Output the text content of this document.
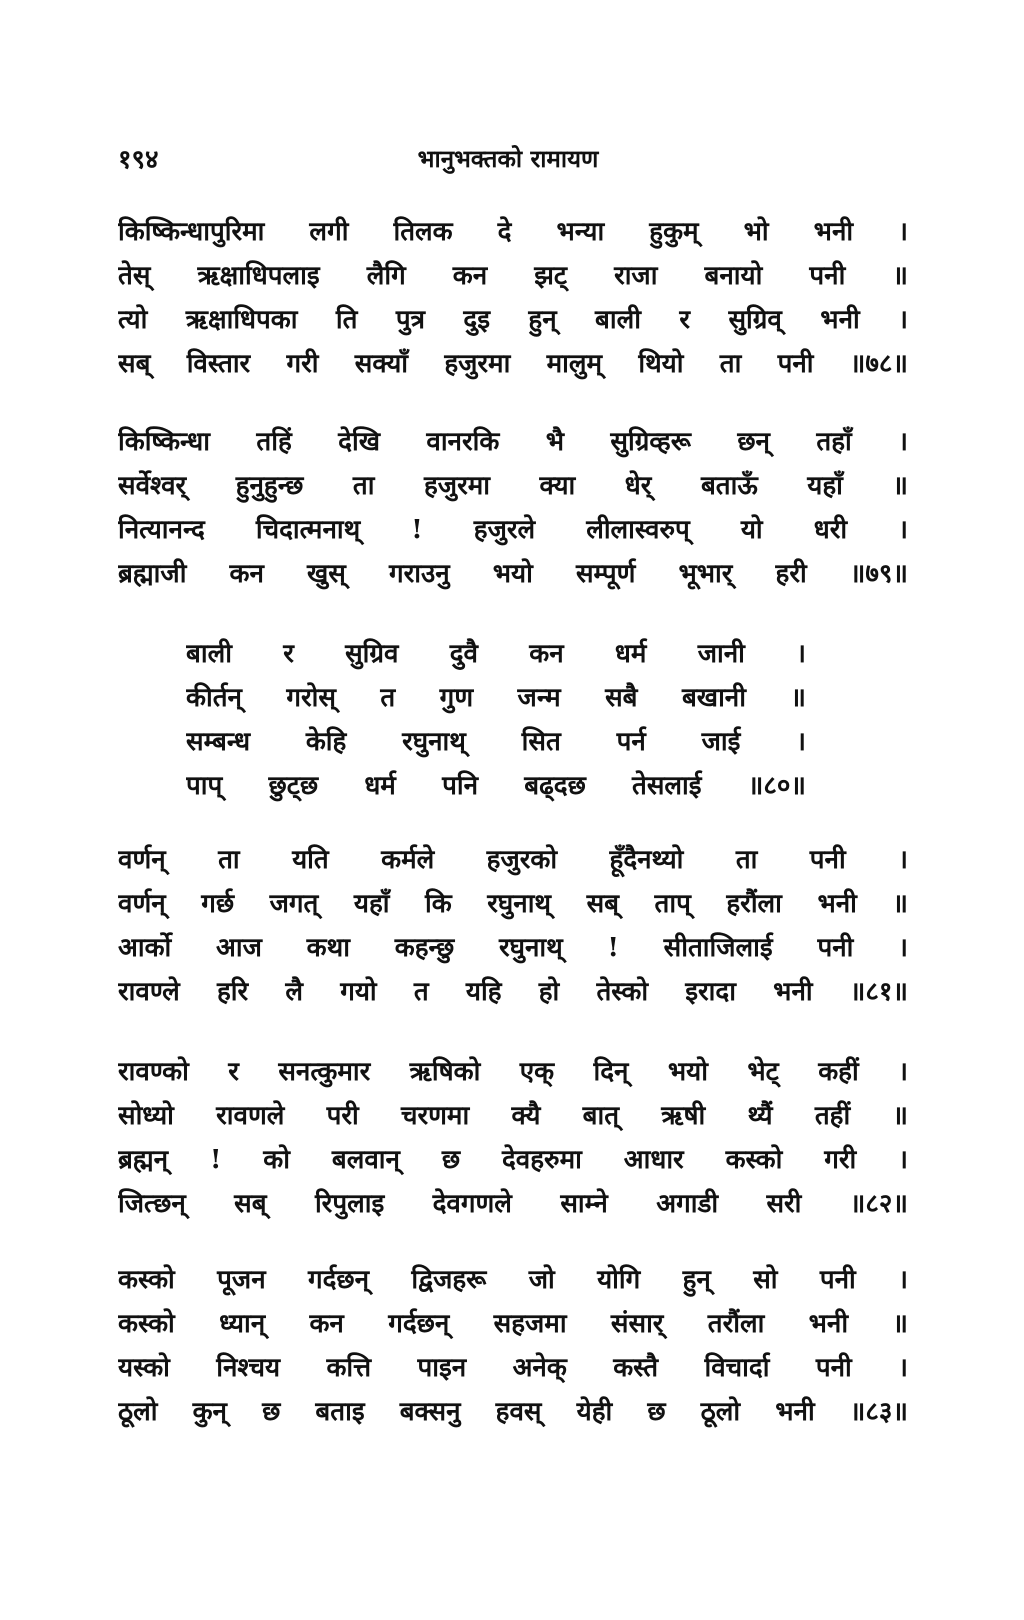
१९४	भानुभक्तको रामायण
किष्किन्धापुरिमा लगी तिलक दे भन्या हुकुम् भो भनी ।
तेस् ऋक्षाधिपलाइ लैगि कन झट् राजा बनायो पनी ॥
त्यो ऋक्षाधिपका ति पुत्र दुइ हुन् बाली र सुग्रिव् भनी ।
सब् विस्तार गरी सक्याँ हजुरमा मालुम् थियो ता पनी ॥७८॥
किष्किन्धा तहिं देखि वानरकि भै सुग्रिव्हरू छन् तहाँ ।
सर्वेश्वर् हुनुहुन्छ ता हजुरमा क्या धेर् बताऊँ यहाँ ॥
नित्यानन्द चिदात्मनाथ् ! हजुरले लीलास्वरुप् यो धरी ।
ब्रह्माजी कन खुस् गराउनु भयो सम्पूर्ण भूभार् हरी ॥७९॥
बाली र सुग्रिव दुवै कन धर्म जानी ।
कीर्तन् गरोस् त गुण जन्म सबै बखानी ॥
सम्बन्ध केहि रघुनाथ् सित पर्न जाई ।
पाप् छुट्छ धर्म पनि बढ्दछ तेसलाई ॥८०॥
वर्णन् ता यति कर्मले हजुरको हूँदैनथ्यो ता पनी ।
वर्णन् गर्छ जगत् यहाँ कि रघुनाथ् सब् ताप् हरौंला भनी ॥
आर्को आज कथा कहन्छु रघुनाथ् ! सीताजिलाई पनी ।
रावण्ले हरि लै गयो त यहि हो तेस्को इरादा भनी ॥८१॥
रावण्को र सनत्कुमार ऋषिको एक् दिन् भयो भेट् कहीं ।
सोध्यो रावणले परी चरणमा क्यै बात् ऋषी थ्यैं तहीं ॥
ब्रह्मन् ! को बलवान् छ देवहरुमा आधार कस्को गरी ।
जित्छन् सब् रिपुलाइ देवगणले साम्ने अगाडी सरी ॥८२॥
कस्को पूजन गर्दछन् द्विजहरू जो योगि हुन् सो पनी ।
कस्को ध्यान् कन गर्दछन् सहजमा संसार् तरौंला भनी ॥
यस्को निश्चय कत्ति पाइन अनेक् कस्तै विचार्दा पनी ।
ठूलो कुन् छ बताइ बक्सनु हवस् येही छ ठूलो भनी ॥८३॥
